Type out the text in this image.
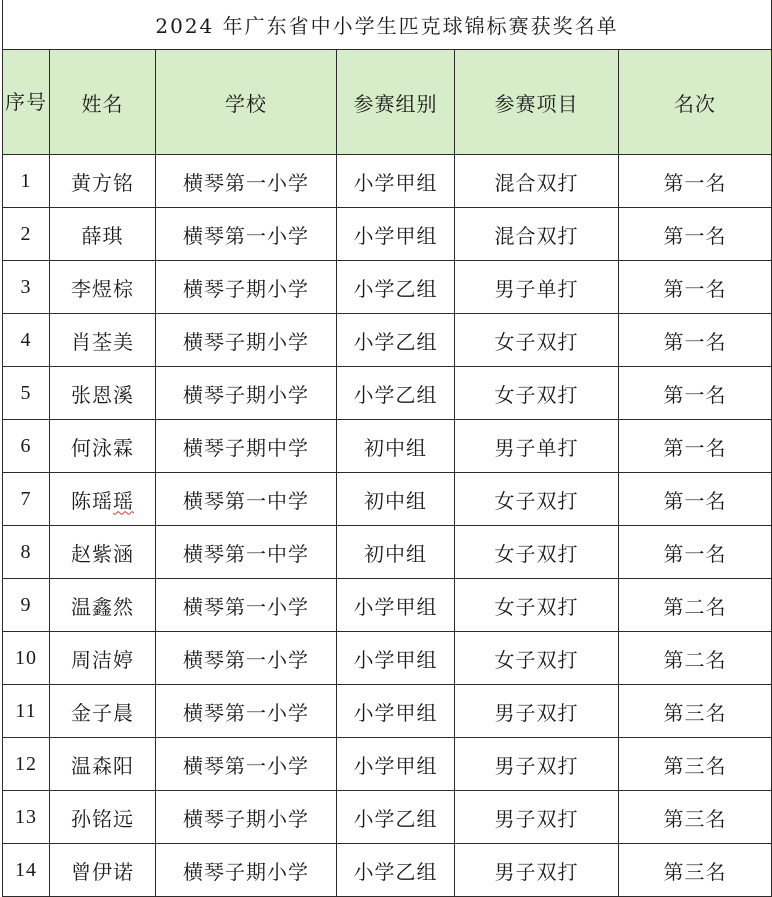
2024 年广东省中小学生匹克球锦标赛获奖名单					
序号	姓名	学校	参赛组别	参赛项目	名次
1	黄方铭	横琴第一小学	小学甲组	混合双打	第一名
2	薛琪	横琴第一小学	小学甲组	混合双打	第一名
3	李煜棕	横琴子期小学	小学乙组	男子单打	第一名
4	肖荃美	横琴子期小学	小学乙组	女子双打	第一名
5	张恩溪	横琴子期小学	小学乙组	女子双打	第一名
6	何泳霖	横琴子期中学	初中组	男子单打	第一名
7	陈瑶瑶	横琴第一中学	初中组	女子双打	第一名
8	赵紫涵	横琴第一中学	初中组	女子双打	第一名
9	温鑫然	横琴第一小学	小学甲组	女子双打	第二名
10	周洁婷	横琴第一小学	小学甲组	女子双打	第二名
11	金子晨	横琴第一小学	小学甲组	男子双打	第三名
12	温森阳	横琴第一小学	小学甲组	男子双打	第三名
13	孙铭远	横琴子期小学	小学乙组	男子双打	第三名
14	曾伊诺	横琴子期小学	小学乙组	男子双打	第三名
